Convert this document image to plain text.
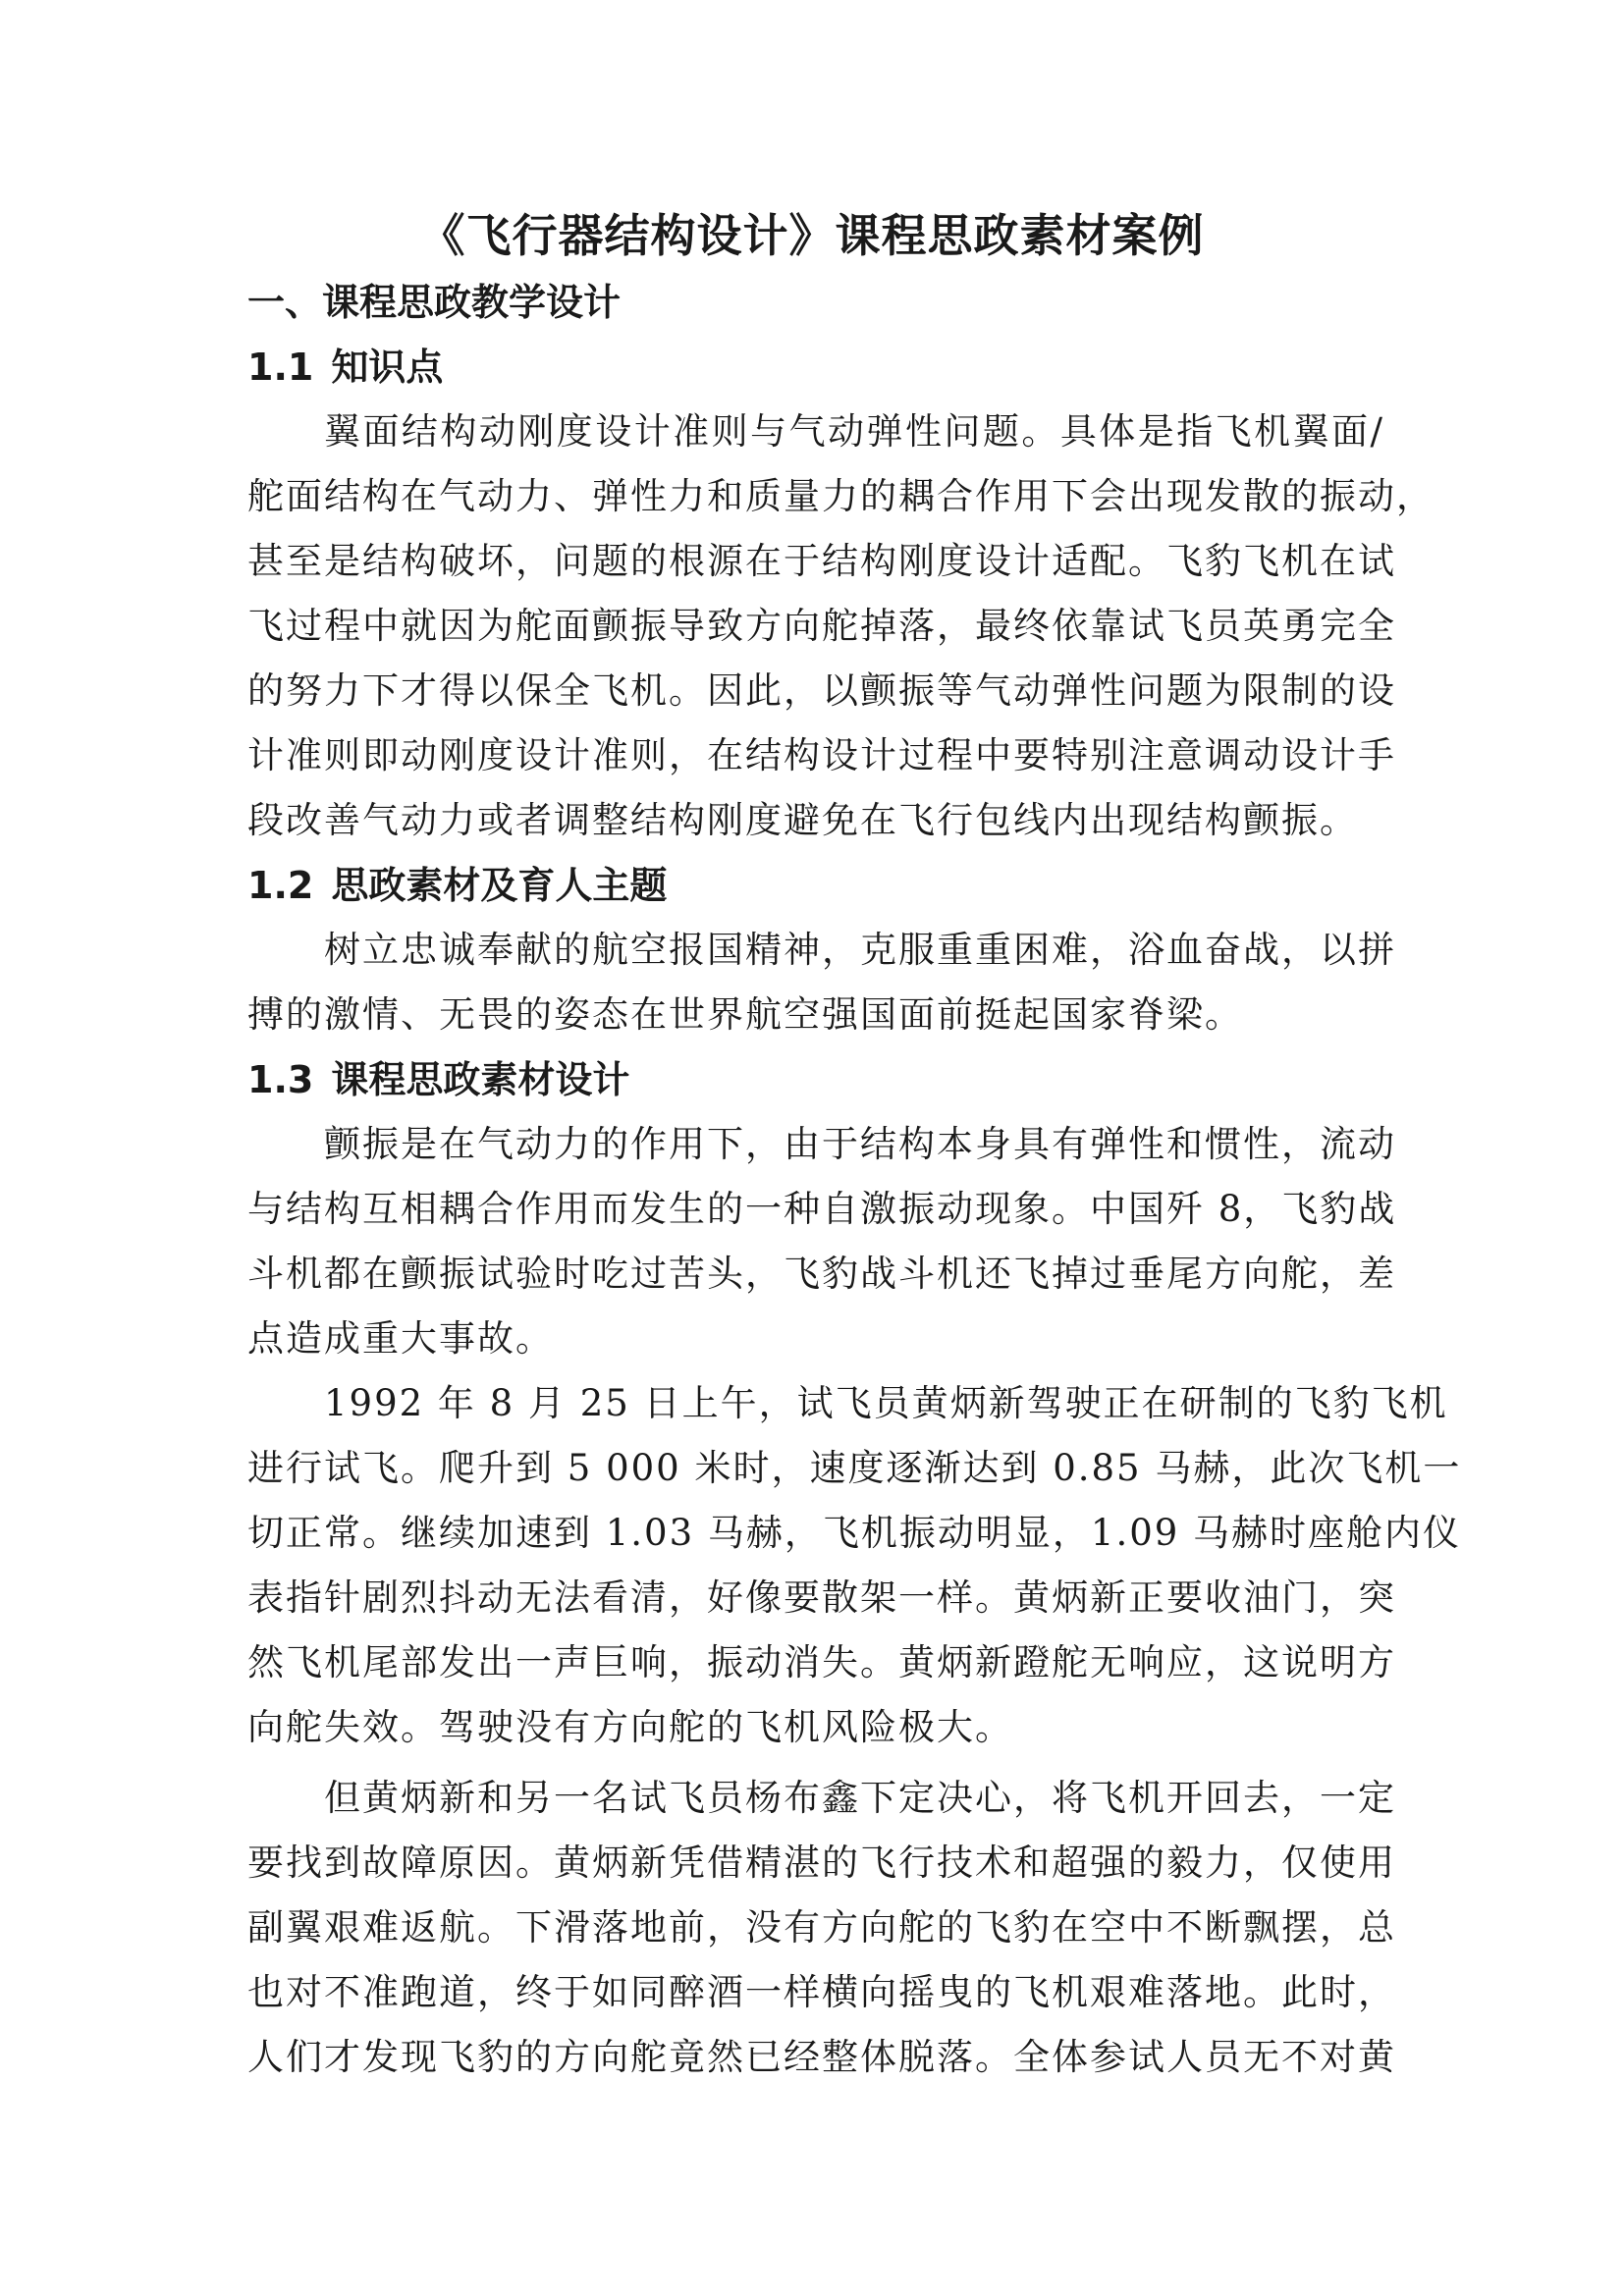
《飞行器结构设计》课程思政素材案例
一、课程思政教学设计
1.1 知识点

翼面结构动刚度设计准则与气动弹性问题。具体是指飞机翼面/

舵面结构在气动力、弹性力和质量力的耦合作用下会出现发散的振动，

甚至是结构破坏，问题的根源在于结构刚度设计适配。飞豹飞机在试

飞过程中就因为舵面颤振导致方向舵掉落，最终依靠试飞员英勇完全

的努力下才得以保全飞机。因此，以颤振等气动弹性问题为限制的设

计准则即动刚度设计准则，在结构设计过程中要特别注意调动设计手

段改善气动力或者调整结构刚度避免在飞行包线内出现结构颤振。

1.2 思政素材及育人主题

树立忠诚奉献的航空报国精神，克服重重困难，浴血奋战，以拼

搏的激情、无畏的姿态在世界航空强国面前挺起国家脊梁。

1.3 课程思政素材设计

颤振是在气动力的作用下，由于结构本身具有弹性和惯性，流动

与结构互相耦合作用而发生的一种自激振动现象。中国歼 8，飞豹战

斗机都在颤振试验时吃过苦头，飞豹战斗机还飞掉过垂尾方向舵，差

点造成重大事故。

1992 年 8 月 25 日上午，试飞员黄炳新驾驶正在研制的飞豹飞机

进行试飞。爬升到 5 000 米时，速度逐渐达到 0.85 马赫，此次飞机一

切正常。继续加速到 1.03 马赫，飞机振动明显，1.09 马赫时座舱内仪

表指针剧烈抖动无法看清，好像要散架一样。黄炳新正要收油门，突

然飞机尾部发出一声巨响，振动消失。黄炳新蹬舵无响应，这说明方

向舵失效。驾驶没有方向舵的飞机风险极大。

但黄炳新和另一名试飞员杨布鑫下定决心，将飞机开回去，一定

要找到故障原因。黄炳新凭借精湛的飞行技术和超强的毅力，仅使用

副翼艰难返航。下滑落地前，没有方向舵的飞豹在空中不断飘摆，总

也对不准跑道，终于如同醉酒一样横向摇曳的飞机艰难落地。此时，

人们才发现飞豹的方向舵竟然已经整体脱落。全体参试人员无不对黄
